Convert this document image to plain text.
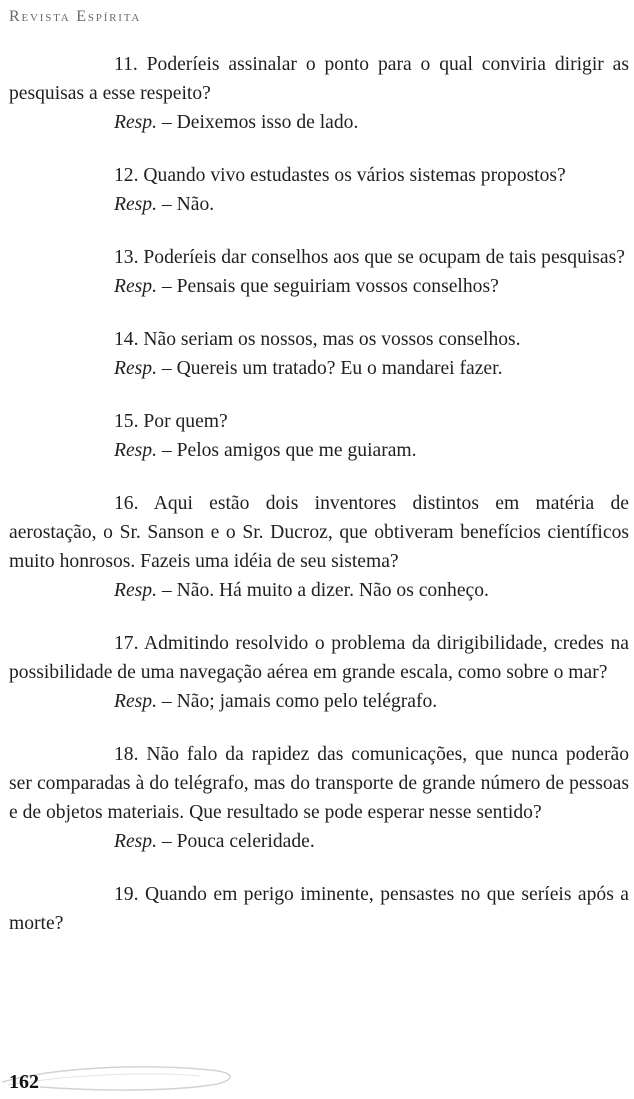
Revista Espírita

11. Poderíeis assinalar o ponto para o qual conviria dirigir as pesquisas a esse respeito?

Resp. – Deixemos isso de lado.

12. Quando vivo estudastes os vários sistemas propostos?

Resp. – Não.

13. Poderíeis dar conselhos aos que se ocupam de tais pesquisas?

Resp. – Pensais que seguiriam vossos conselhos?

14. Não seriam os nossos, mas os vossos conselhos.

Resp. – Quereis um tratado? Eu o mandarei fazer.

15. Por quem?

Resp. – Pelos amigos que me guiaram.

16. Aqui estão dois inventores distintos em matéria de aerostação, o Sr. Sanson e o Sr. Ducroz, que obtiveram benefícios científicos muito honrosos. Fazeis uma idéia de seu sistema?

Resp. – Não. Há muito a dizer. Não os conheço.

17. Admitindo resolvido o problema da dirigibilidade, credes na possibilidade de uma navegação aérea em grande escala, como sobre o mar?

Resp. – Não; jamais como pelo telégrafo.

18. Não falo da rapidez das comunicações, que nunca poderão ser comparadas à do telégrafo, mas do transporte de grande número de pessoas e de objetos materiais. Que resultado se pode esperar nesse sentido?

Resp. – Pouca celeridade.

19. Quando em perigo iminente, pensastes no que seríeis após a morte?

162
